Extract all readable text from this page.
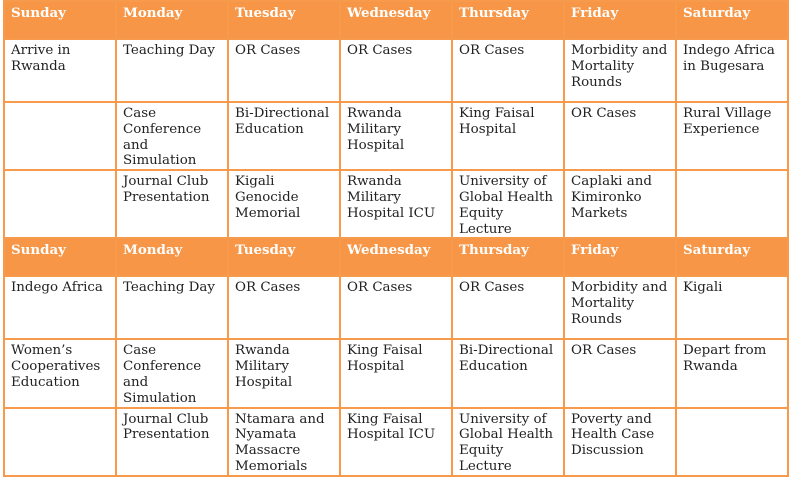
Sunday	Monday	Tuesday	Wednesday	Thursday	Friday	Saturday
Arrive in Rwanda	Teaching Day	OR Cases	OR Cases	OR Cases	Morbidity and Mortality Rounds	Indego Africa in Bugesara
	Case Conference and Simulation	Bi-Directional Education	Rwanda Military Hospital	King Faisal Hospital	OR Cases	Rural Village Experience
	Journal Club Presentation	Kigali Genocide Memorial	Rwanda Military Hospital ICU	University of Global Health Equity Lecture	Caplaki and Kimironko Markets	
Sunday	Monday	Tuesday	Wednesday	Thursday	Friday	Saturday
Indego Africa	Teaching Day	OR Cases	OR Cases	OR Cases	Morbidity and Mortality Rounds	Kigali
Women’s Cooperatives Education	Case Conference and Simulation	Rwanda Military Hospital	King Faisal Hospital	Bi-Directional Education	OR Cases	Depart from Rwanda
	Journal Club Presentation	Ntamara and Nyamata Massacre Memorials	King Faisal Hospital ICU	University of Global Health Equity Lecture	Poverty and Health Case Discussion	
